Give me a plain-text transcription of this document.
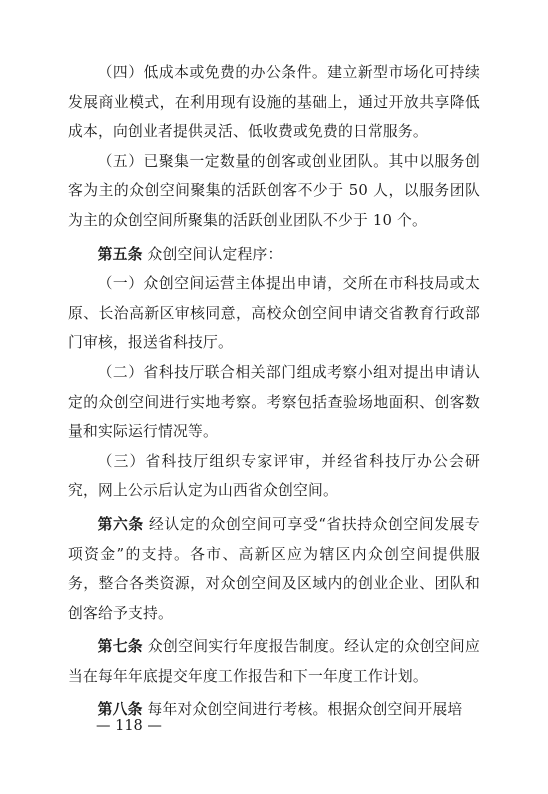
（四）低成本或免费的办公条件。建立新型市场化可持续发展商业模式，在利用现有设施的基础上，通过开放共享降低成本，向创业者提供灵活、低收费或免费的日常服务。

（五）已聚集一定数量的创客或创业团队。其中以服务创客为主的众创空间聚集的活跃创客不少于 50 人，以服务团队为主的众创空间所聚集的活跃创业团队不少于 10 个。

第五条 众创空间认定程序：

（一）众创空间运营主体提出申请，交所在市科技局或太原、长治高新区审核同意，高校众创空间申请交省教育行政部门审核，报送省科技厅。

（二）省科技厅联合相关部门组成考察小组对提出申请认定的众创空间进行实地考察。考察包括查验场地面积、创客数量和实际运行情况等。

（三）省科技厅组织专家评审，并经省科技厅办公会研究，网上公示后认定为山西省众创空间。

第六条 经认定的众创空间可享受“省扶持众创空间发展专项资金”的支持。各市、高新区应为辖区内众创空间提供服务，整合各类资源，对众创空间及区域内的创业企业、团队和创客给予支持。

第七条 众创空间实行年度报告制度。经认定的众创空间应当在每年年底提交年度工作报告和下一年度工作计划。

第八条 每年对众创空间进行考核。根据众创空间开展培

— 118 —
